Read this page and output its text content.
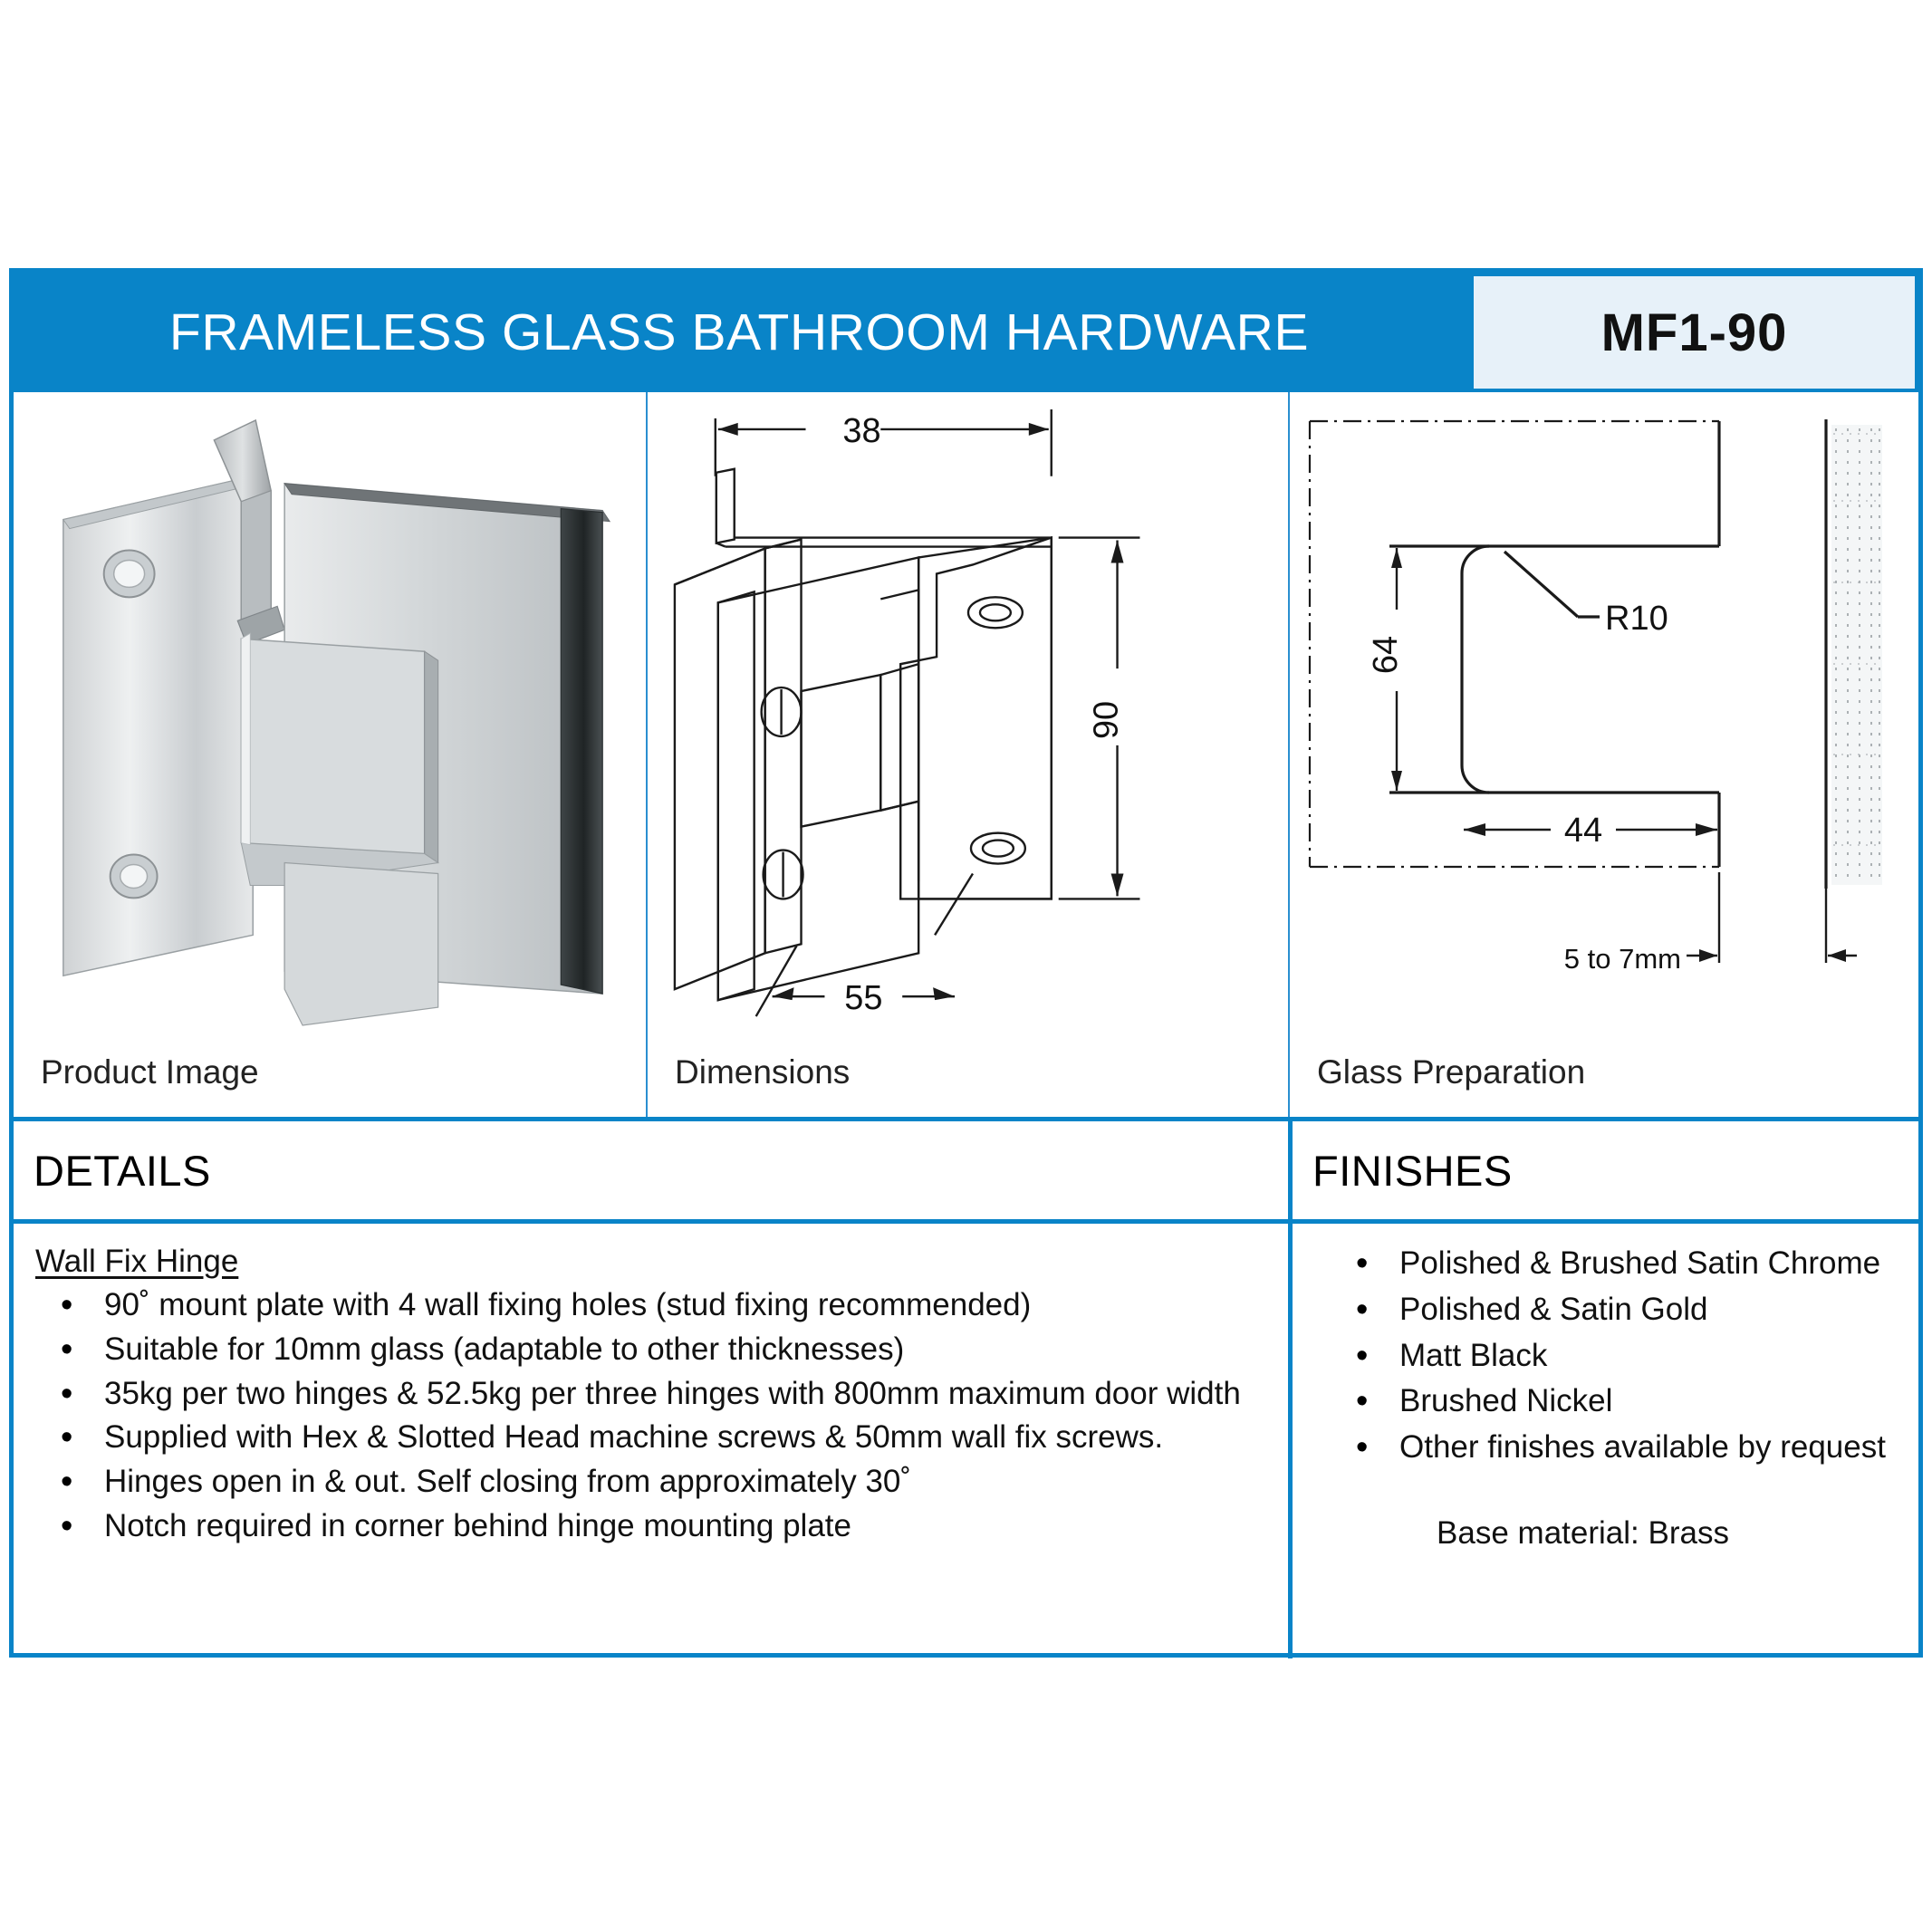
FRAMELESS GLASS BATHROOM HARDWARE	MF1-90
Product Image
38
90
55
Dimensions
R10
64
44
5 to 7mm
Glass Preparation
DETAILS	FINISHES
Wall Fix Hinge
• 90˚ mount plate with 4 wall fixing holes (stud fixing recommended)
• Suitable for 10mm glass (adaptable to other thicknesses)
• 35kg per two hinges & 52.5kg per three hinges with 800mm maximum door width
• Supplied with Hex & Slotted Head machine screws & 50mm wall fix screws.
• Hinges open in & out. Self closing from approximately 30˚
• Notch required in corner behind hinge mounting plate
• Polished & Brushed Satin Chrome
• Polished & Satin Gold
• Matt Black
• Brushed Nickel
• Other finishes available by request
Base material: Brass
